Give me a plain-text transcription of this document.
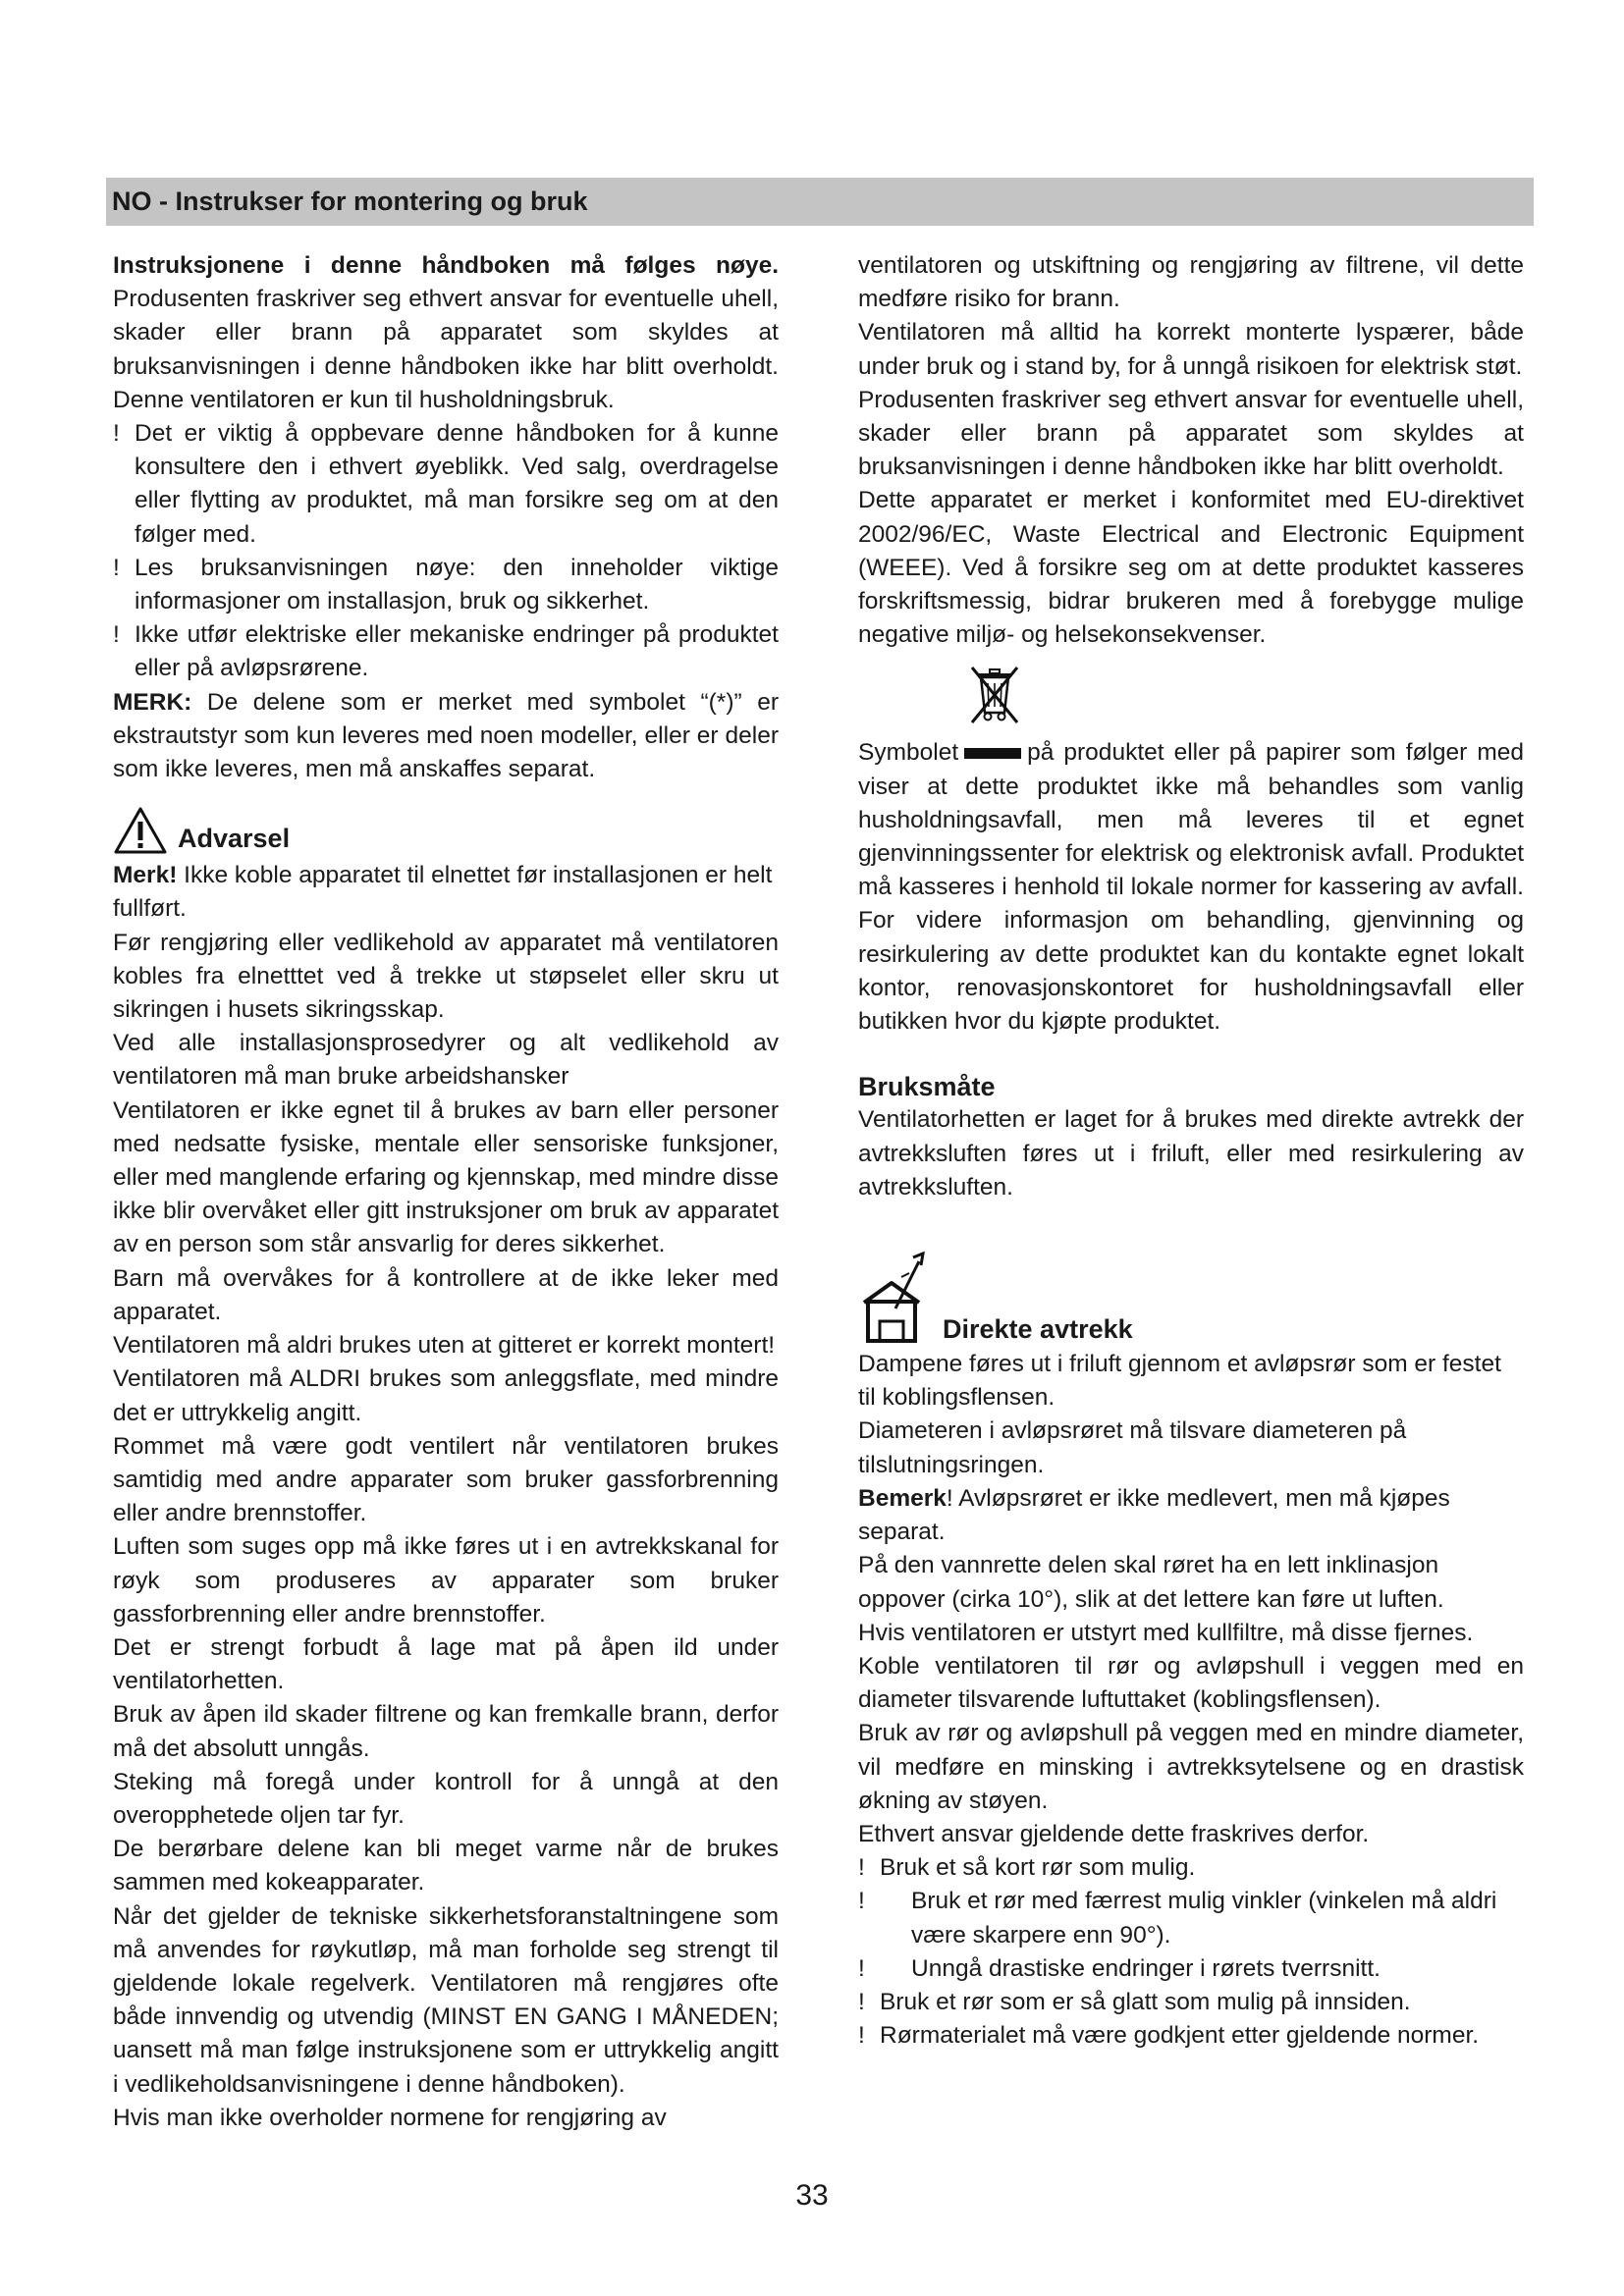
NO - Instrukser for montering og bruk

Instruksjonene i denne håndboken må følges nøye. Produsenten fraskriver seg ethvert ansvar for eventuelle uhell, skader eller brann på apparatet som skyldes at bruksanvisningen i denne håndboken ikke har blitt overholdt. Denne ventilatoren er kun til husholdningsbruk.

! Det er viktig å oppbevare denne håndboken for å kunne konsultere den i ethvert øyeblikk. Ved salg, overdragelse eller flytting av produktet, må man forsikre seg om at den følger med.
! Les bruksanvisningen nøye: den inneholder viktige informasjoner om installasjon, bruk og sikkerhet.
! Ikke utfør elektriske eller mekaniske endringer på produktet eller på avløpsrørene.

MERK: De delene som er merket med symbolet “(*)” er ekstrautstyr som kun leveres med noen modeller, eller er deler som ikke leveres, men må anskaffes separat.

Advarsel

Merk! Ikke koble apparatet til elnettet før installasjonen er helt fullført.

Før rengjøring eller vedlikehold av apparatet må ventilatoren kobles fra elnetttet ved å trekke ut støpselet eller skru ut sikringen i husets sikringsskap.

Ved alle installasjonsprosedyrer og alt vedlikehold av ventilatoren må man bruke arbeidshansker

Ventilatoren er ikke egnet til å brukes av barn eller personer med nedsatte fysiske, mentale eller sensoriske funksjoner, eller med manglende erfaring og kjennskap, med mindre disse ikke blir overvåket eller gitt instruksjoner om bruk av apparatet av en person som står ansvarlig for deres sikkerhet.

Barn må overvåkes for å kontrollere at de ikke leker med apparatet.

Ventilatoren må aldri brukes uten at gitteret er korrekt montert!

Ventilatoren må ALDRI brukes som anleggsflate, med mindre det er uttrykkelig angitt.

Rommet må være godt ventilert når ventilatoren brukes samtidig med andre apparater som bruker gassforbrenning eller andre brennstoffer.

Luften som suges opp må ikke føres ut i en avtrekkskanal for røyk som produseres av apparater som bruker gassforbrenning eller andre brennstoffer.

Det er strengt forbudt å lage mat på åpen ild under ventilatorhetten.

Bruk av åpen ild skader filtrene og kan fremkalle brann, derfor må det absolutt unngås.

Steking må foregå under kontroll for å unngå at den overopphetede oljen tar fyr.

De berørbare delene kan bli meget varme når de brukes sammen med kokeapparater.

Når det gjelder de tekniske sikkerhetsforanstaltningene som må anvendes for røykutløp, må man forholde seg strengt til gjeldende lokale regelverk. Ventilatoren må rengjøres ofte både innvendig og utvendig (MINST EN GANG I MÅNEDEN; uansett må man følge instruksjonene som er uttrykkelig angitt i vedlikeholdsanvisningene i denne håndboken).

Hvis man ikke overholder normene for rengjøring av

ventilatoren og utskiftning og rengjøring av filtrene, vil dette medføre risiko for brann.

Ventilatoren må alltid ha korrekt monterte lyspærer, både under bruk og i stand by, for å unngå risikoen for elektrisk støt.

Produsenten fraskriver seg ethvert ansvar for eventuelle uhell, skader eller brann på apparatet som skyldes at bruksanvisningen i denne håndboken ikke har blitt overholdt.

Dette apparatet er merket i konformitet med EU-direktivet 2002/96/EC, Waste Electrical and Electronic Equipment (WEEE). Ved å forsikre seg om at dette produktet kasseres forskriftsmessig, bidrar brukeren med å forebygge mulige negative miljø- og helsekonsekvenser.

Symbolet	på produktet eller på papirer som følger med viser at dette produktet ikke må behandles som vanlig husholdningsavfall, men må leveres til et egnet gjenvinningssenter for elektrisk og elektronisk avfall. Produktet må kasseres i henhold til lokale normer for kassering av avfall. For videre informasjon om behandling, gjenvinning og resirkulering av dette produktet kan du kontakte egnet lokalt kontor, renovasjonskontoret for husholdningsavfall eller butikken hvor du kjøpte produktet.

Bruksmåte

Ventilatorhetten er laget for å brukes med direkte avtrekk der avtrekksluften føres ut i friluft, eller med resirkulering av avtrekksluften.

Direkte avtrekk

Dampene føres ut i friluft gjennom et avløpsrør som er festet til koblingsflensen.

Diameteren i avløpsrøret må tilsvare diameteren på tilslutningsringen.

Bemerk! Avløpsrøret er ikke medlevert, men må kjøpes separat.

På den vannrette delen skal røret ha en lett inklinasjon oppover (cirka 10°), slik at det lettere kan føre ut luften.

Hvis ventilatoren er utstyrt med kullfiltre, må disse fjernes.

Koble ventilatoren til rør og avløpshull i veggen med en diameter tilsvarende luftuttaket (koblingsflensen).

Bruk av rør og avløpshull på veggen med en mindre diameter, vil medføre en minsking i avtrekksytelsene og en drastisk økning av støyen.

Ethvert ansvar gjeldende dette fraskrives derfor.

! Bruk et så kort rør som mulig.
!	Bruk et rør med færrest mulig vinkler (vinkelen må aldri være skarpere enn 90°).
!	Unngå drastiske endringer i rørets tverrsnitt.
! Bruk et rør som er så glatt som mulig på innsiden.
! Rørmaterialet må være godkjent etter gjeldende normer.
33
